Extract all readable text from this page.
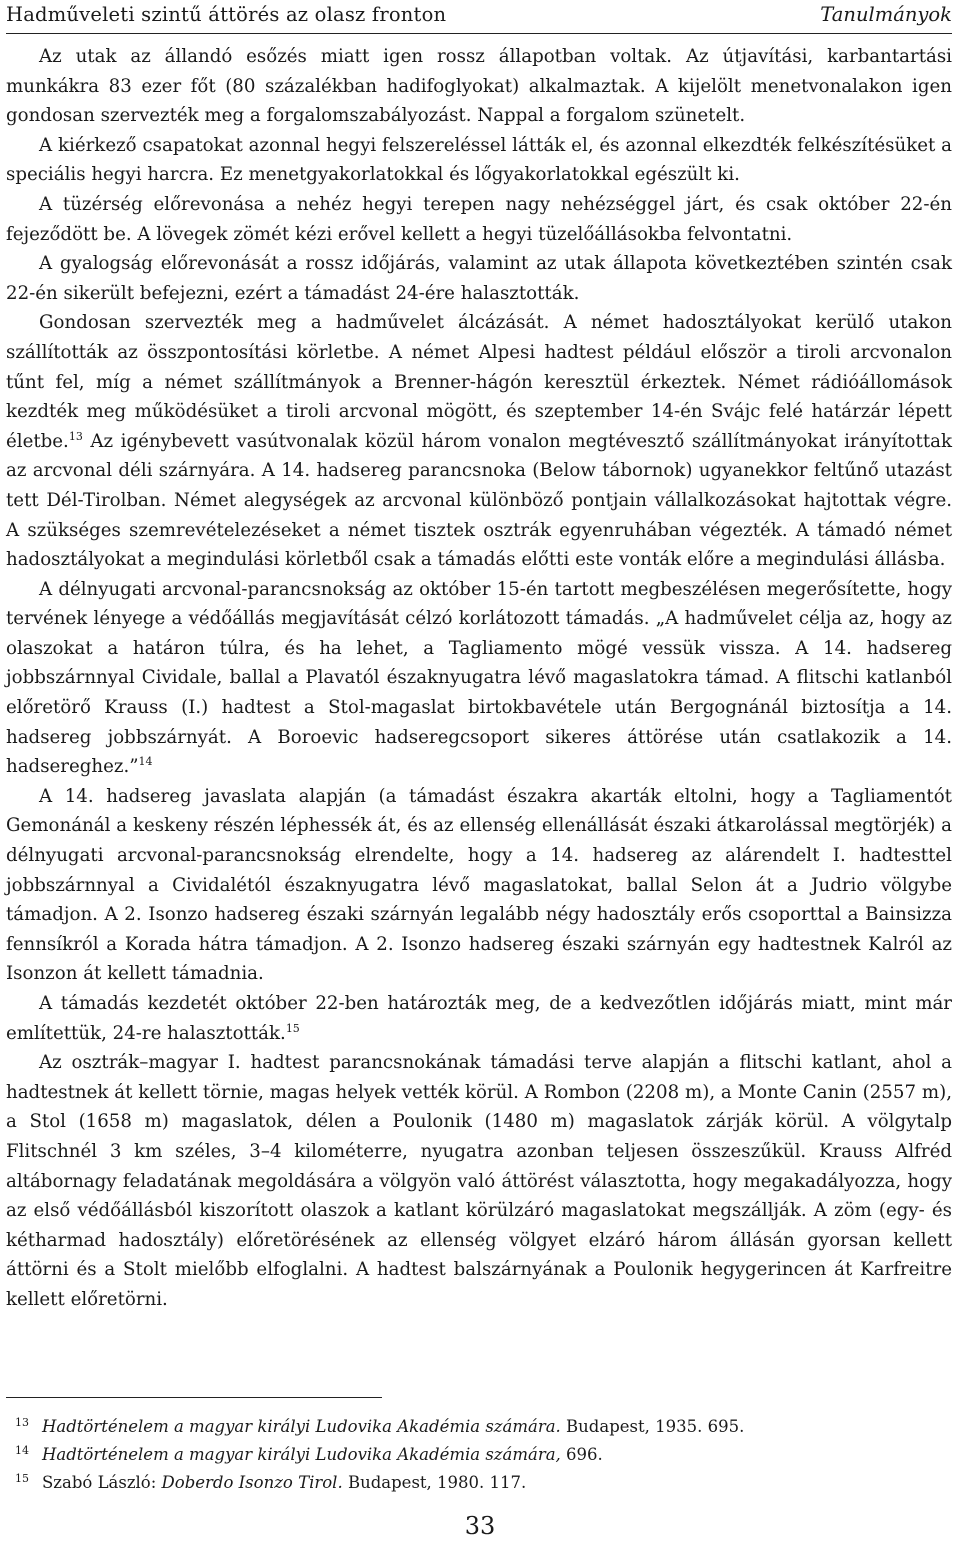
Hadműveleti szintű áttörés az olasz fronton	Tanulmányok

Az utak az állandó esőzés miatt igen rossz állapotban voltak. Az útjavítási, karbantartási munkákra 83 ezer főt (80 százalékban hadifoglyokat) alkalmaztak. A kijelölt menetvonalakon igen gondosan szervezték meg a forgalomszabályozást. Nappal a forgalom szünetelt.

A kiérkező csapatokat azonnal hegyi felszereléssel látták el, és azonnal elkezdték felkészítésüket a speciális hegyi harcra. Ez menetgyakorlatokkal és lőgyakorlatokkal egészült ki.

A tüzérség előrevonása a nehéz hegyi terepen nagy nehézséggel járt, és csak október 22-én fejeződött be. A lövegek zömét kézi erővel kellett a hegyi tüzelőállásokba felvontatni.

A gyalogság előrevonását a rossz időjárás, valamint az utak állapota következtében szintén csak 22-én sikerült befejezni, ezért a támadást 24-ére halasztották.

Gondosan szervezték meg a hadművelet álcázását. A német hadosztályokat kerülő utakon szállították az összpontosítási körletbe. A német Alpesi hadtest például először a tiroli arcvonalon tűnt fel, míg a német szállítmányok a Brenner-hágón keresztül érkeztek. Német rádióállomások kezdték meg működésüket a tiroli arcvonal mögött, és szeptember 14-én Svájc felé határzár lépett életbe.$^{13}$ Az igénybevett vasútvonalak közül három vonalon megtévesztő szállítmányokat irányítottak az arcvonal déli szárnyára. A 14. hadsereg parancsnoka (Below tábornok) ugyanekkor feltűnő utazást tett Dél-Tirolban. Német alegységek az arcvonal különböző pontjain vállalkozásokat hajtottak végre. A szükséges szemrevételezéseket a német tisztek osztrák egyenruhában végezték. A támadó német hadosztályokat a megindulási körletből csak a támadás előtti este vonták előre a megindulási állásba.

A délnyugati arcvonal-parancsnokság az október 15-én tartott megbeszélésen megerősítette, hogy tervének lényege a védőállás megjavítását célzó korlátozott támadás. „A hadművelet célja az, hogy az olaszokat a határon túlra, és ha lehet, a Tagliamento mögé vessük vissza. A 14. hadsereg jobbszárnnyal Cividale, ballal a Plavatól északnyugatra lévő magaslatokra támad. A flitschi katlanból előretörő Krauss (I.) hadtest a Stol-magaslat birtokbavétele után Bergognánál biztosítja a 14. hadsereg jobbszárnyát. A Boroevic hadseregcsoport sikeres áttörése után csatlakozik a 14. hadsereghez.”$^{14}$

A 14. hadsereg javaslata alapján (a támadást északra akarták eltolni, hogy a Tagliamentót Gemonánál a keskeny részén léphessék át, és az ellenség ellenállását északi átkarolással megtörjék) a délnyugati arcvonal-parancsnokság elrendelte, hogy a 14. hadsereg az alárendelt I. hadtesttel jobbszárnnyal a Cividalétól északnyugatra lévő magaslatokat, ballal Selon át a Judrio völgybe támadjon. A 2. Isonzo hadsereg északi szárnyán legalább négy hadosztály erős csoporttal a Bainsizza fennsíkról a Korada hátra támadjon. A 2. Isonzo hadsereg északi szárnyán egy hadtestnek Kalról az Isonzon át kellett támadnia.

A támadás kezdetét október 22-ben határozták meg, de a kedvezőtlen időjárás miatt, mint már említettük, 24-re halasztották.$^{15}$

Az osztrák–magyar I. hadtest parancsnokának támadási terve alapján a flitschi katlant, ahol a hadtestnek át kellett törnie, magas helyek vették körül. A Rombon (2208 m), a Monte Canin (2557 m), a Stol (1658 m) magaslatok, délen a Poulonik (1480 m) magaslatok zárják körül. A völgytalp Flitschnél 3 km széles, 3–4 kilométerre, nyugatra azonban teljesen összeszűkül. Krauss Alfréd altábornagy feladatának megoldására a völgyön való áttörést választotta, hogy megakadályozza, hogy az első védőállásból kiszorított olaszok a katlant körülzáró magaslatokat megszállják. A zöm (egy- és kétharmad hadosztály) előretörésének az ellenség völgyet elzáró három állásán gyorsan kellett áttörni és a Stolt mielőbb elfoglalni. A hadtest balszárnyának a Poulonik hegygerincen át Karfreitre kellett előretörni.

13 Hadtörténelem a magyar királyi Ludovika Akadémia számára. Budapest, 1935. 695.
14 Hadtörténelem a magyar királyi Ludovika Akadémia számára, 696.
15 Szabó László: Doberdo Isonzo Tirol. Budapest, 1980. 117.
33
